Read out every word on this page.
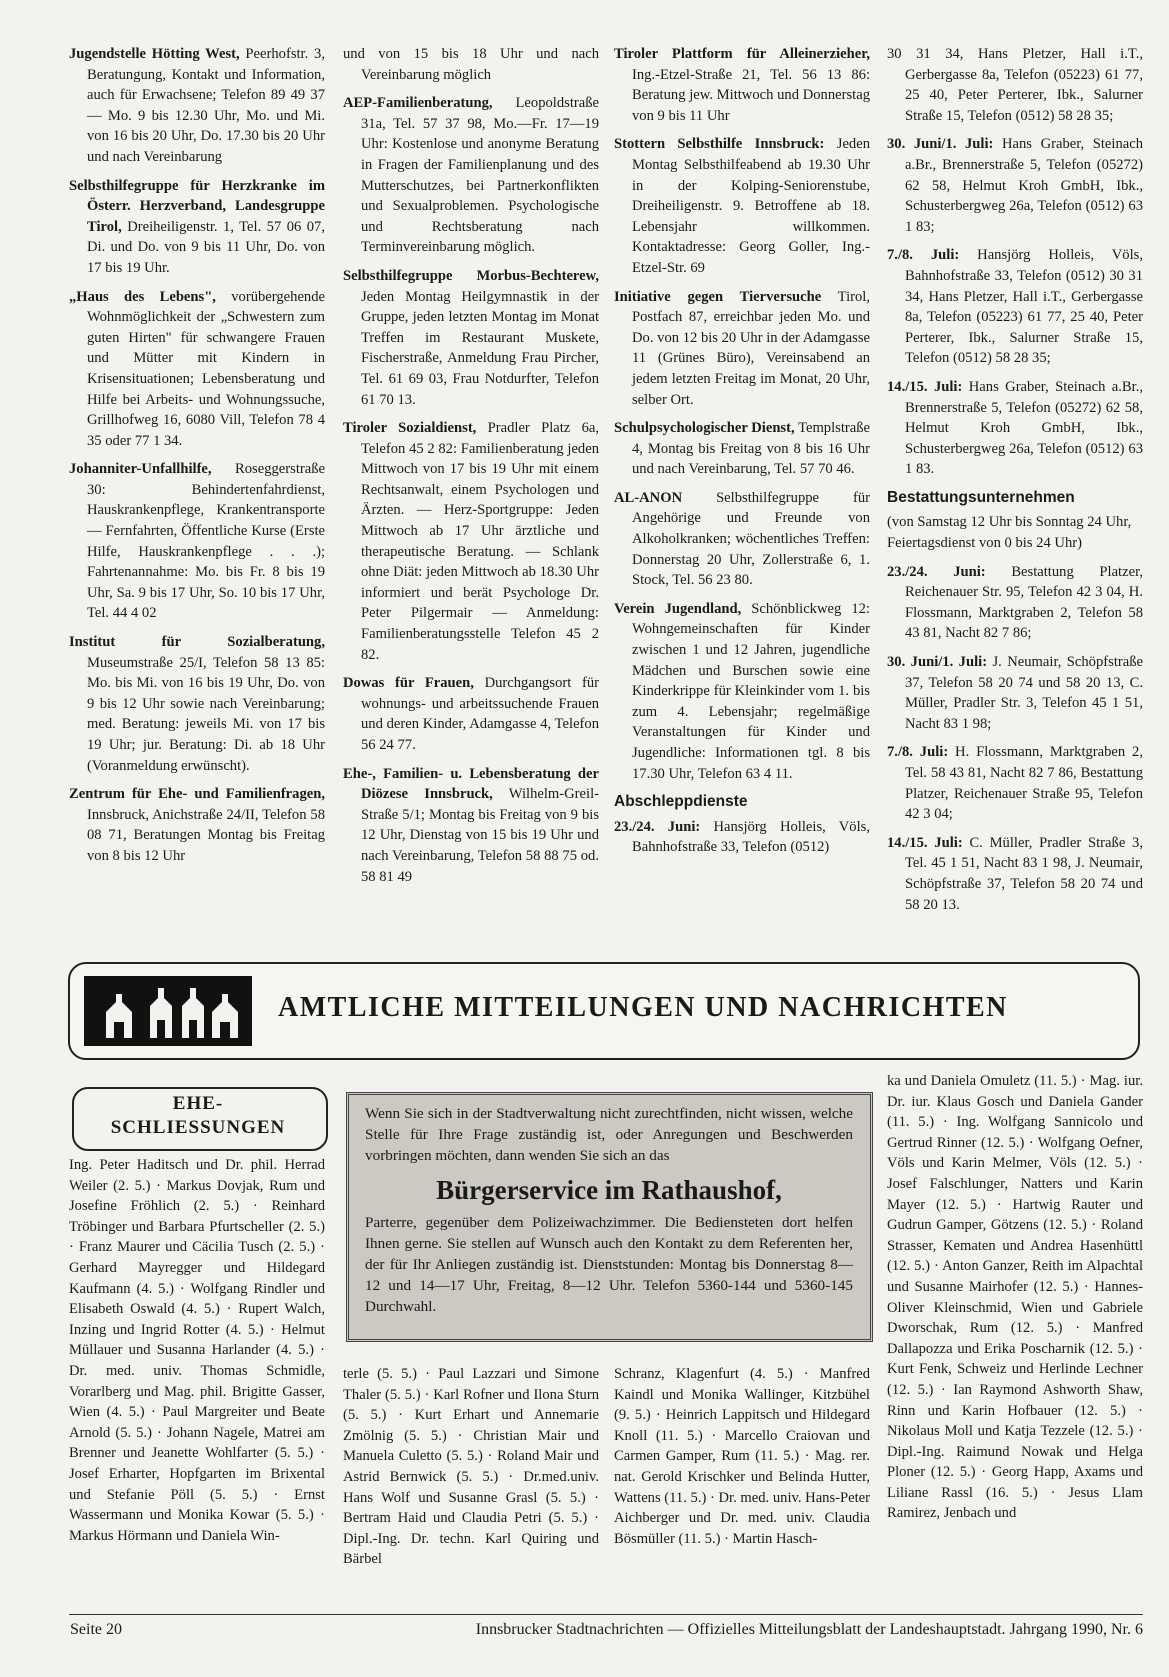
Jugendstelle Hötting West, Peerhofstr. 3, Beratungung, Kontakt und Information, auch für Erwachsene; Telefon 89 49 37 — Mo. 9 bis 12.30 Uhr, Mo. und Mi. von 16 bis 20 Uhr, Do. 17.30 bis 20 Uhr und nach Vereinbarung

Selbsthilfegruppe für Herzkranke im Österr. Herzverband, Landesgruppe Tirol, Dreiheiligenstr. 1, Tel. 57 06 07, Di. und Do. von 9 bis 11 Uhr, Do. von 17 bis 19 Uhr.

„Haus des Lebens", vorübergehende Wohnmöglichkeit der „Schwestern zum guten Hirten" für schwangere Frauen und Mütter mit Kindern in Krisensituationen; Lebensberatung und Hilfe bei Arbeits- und Wohnungssuche, Grillhofweg 16, 6080 Vill, Telefon 78 4 35 oder 77 1 34.

Johanniter-Unfallhilfe, Roseggerstraße 30: Behindertenfahrdienst, Hauskrankenpflege, Krankentransporte — Fernfahrten, Öffentliche Kurse (Erste Hilfe, Hauskrankenpflege . . .); Fahrtenannahme: Mo. bis Fr. 8 bis 19 Uhr, Sa. 9 bis 17 Uhr, So. 10 bis 17 Uhr, Tel. 44 4 02

Institut für Sozialberatung, Museumstraße 25/I, Telefon 58 13 85: Mo. bis Mi. von 16 bis 19 Uhr, Do. von 9 bis 12 Uhr sowie nach Vereinbarung; med. Beratung: jeweils Mi. von 17 bis 19 Uhr; jur. Beratung: Di. ab 18 Uhr (Voranmeldung erwünscht).

Zentrum für Ehe- und Familienfragen, Innsbruck, Anichstraße 24/II, Telefon 58 08 71, Beratungen Montag bis Freitag von 8 bis 12 Uhr

und von 15 bis 18 Uhr und nach Vereinbarung möglich

AEP-Familienberatung, Leopoldstraße 31a, Tel. 57 37 98, Mo.—Fr. 17—19 Uhr: Kostenlose und anonyme Beratung in Fragen der Familienplanung und des Mutterschutzes, bei Partnerkonflikten und Sexualproblemen. Psychologische und Rechtsberatung nach Terminvereinbarung möglich.

Selbsthilfegruppe Morbus-Bechterew, Jeden Montag Heilgymnastik in der Gruppe, jeden letzten Montag im Monat Treffen im Restaurant Muskete, Fischerstraße, Anmeldung Frau Pircher, Tel. 61 69 03, Frau Notdurfter, Telefon 61 70 13.

Tiroler Sozialdienst, Pradler Platz 6a, Telefon 45 2 82: Familienberatung jeden Mittwoch von 17 bis 19 Uhr mit einem Rechtsanwalt, einem Psychologen und Ärzten. — Herz-Sportgruppe: Jeden Mittwoch ab 17 Uhr ärztliche und therapeutische Beratung. — Schlank ohne Diät: jeden Mittwoch ab 18.30 Uhr informiert und berät Psychologe Dr. Peter Pilgermair — Anmeldung: Familienberatungsstelle Telefon 45 2 82.

Dowas für Frauen, Durchgangsort für wohnungs- und arbeitssuchende Frauen und deren Kinder, Adamgasse 4, Telefon 56 24 77.

Ehe-, Familien- u. Lebensberatung der Diözese Innsbruck, Wilhelm-Greil-Straße 5/1; Montag bis Freitag von 9 bis 12 Uhr, Dienstag von 15 bis 19 Uhr und nach Vereinbarung, Telefon 58 88 75 od. 58 81 49

Tiroler Plattform für Alleinerzieher, Ing.-Etzel-Straße 21, Tel. 56 13 86: Beratung jew. Mittwoch und Donnerstag von 9 bis 11 Uhr

Stottern Selbsthilfe Innsbruck: Jeden Montag Selbsthilfeabend ab 19.30 Uhr in der Kolping-Seniorenstube, Dreiheiligenstr. 9. Betroffene ab 18. Lebensjahr willkommen. Kontaktadresse: Georg Goller, Ing.-Etzel-Str. 69

Initiative gegen Tierversuche Tirol, Postfach 87, erreichbar jeden Mo. und Do. von 12 bis 20 Uhr in der Adamgasse 11 (Grünes Büro), Vereinsabend an jedem letzten Freitag im Monat, 20 Uhr, selber Ort.

Schulpsychologischer Dienst, Templstraße 4, Montag bis Freitag von 8 bis 16 Uhr und nach Vereinbarung, Tel. 57 70 46.

AL-ANON Selbsthilfegruppe für Angehörige und Freunde von Alkoholkranken; wöchentliches Treffen: Donnerstag 20 Uhr, Zollerstraße 6, 1. Stock, Tel. 56 23 80.

Verein Jugendland, Schönblickweg 12: Wohngemeinschaften für Kinder zwischen 1 und 12 Jahren, jugendliche Mädchen und Burschen sowie eine Kinderkrippe für Kleinkinder vom 1. bis zum 4. Lebensjahr; regelmäßige Veranstaltungen für Kinder und Jugendliche: Informationen tgl. 8 bis 17.30 Uhr, Telefon 63 4 11.

Abschleppdienste

23./24. Juni: Hansjörg Holleis, Völs, Bahnhofstraße 33, Telefon (0512)

30 31 34, Hans Pletzer, Hall i.T., Gerbergasse 8a, Telefon (05223) 61 77, 25 40, Peter Perterer, Ibk., Salurner Straße 15, Telefon (0512) 58 28 35;

30. Juni/1. Juli: Hans Graber, Steinach a.Br., Brennerstraße 5, Telefon (05272) 62 58, Helmut Kroh GmbH, Ibk., Schusterbergweg 26a, Telefon (0512) 63 1 83;

7./8. Juli: Hansjörg Holleis, Völs, Bahnhofstraße 33, Telefon (0512) 30 31 34, Hans Pletzer, Hall i.T., Gerbergasse 8a, Telefon (05223) 61 77, 25 40, Peter Perterer, Ibk., Salurner Straße 15, Telefon (0512) 58 28 35;

14./15. Juli: Hans Graber, Steinach a.Br., Brennerstraße 5, Telefon (05272) 62 58, Helmut Kroh GmbH, Ibk., Schusterbergweg 26a, Telefon (0512) 63 1 83.

Bestattungsunternehmen

(von Samstag 12 Uhr bis Sonntag 24 Uhr, Feiertagsdienst von 0 bis 24 Uhr)

23./24. Juni: Bestattung Platzer, Reichenauer Str. 95, Telefon 42 3 04, H. Flossmann, Marktgraben 2, Telefon 58 43 81, Nacht 82 7 86;

30. Juni/1. Juli: J. Neumair, Schöpfstraße 37, Telefon 58 20 74 und 58 20 13, C. Müller, Pradler Str. 3, Telefon 45 1 51, Nacht 83 1 98;

7./8. Juli: H. Flossmann, Marktgraben 2, Tel. 58 43 81, Nacht 82 7 86, Bestattung Platzer, Reichenauer Straße 95, Telefon 42 3 04;

14./15. Juli: C. Müller, Pradler Straße 3, Tel. 45 1 51, Nacht 83 1 98, J. Neumair, Schöpfstraße 37, Telefon 58 20 74 und 58 20 13.

AMTLICHE MITTEILUNGEN UND NACHRICHTEN
EHE-
SCHLIESSUNGEN
Wenn Sie sich in der Stadtverwaltung nicht zurechtfinden, nicht wissen, welche Stelle für Ihre Frage zuständig ist, oder Anregungen und Beschwerden vorbringen möchten, dann wenden Sie sich an das
Bürgerservice im Rathaushof,
Parterre, gegenüber dem Polizeiwachzimmer. Die Bediensteten dort helfen Ihnen gerne. Sie stellen auf Wunsch auch den Kontakt zu dem Referenten her, der für Ihr Anliegen zuständig ist. Dienststunden: Montag bis Donnerstag 8—12 und 14—17 Uhr, Freitag, 8—12 Uhr. Telefon 5360-144 und 5360-145 Durchwahl.
Ing. Peter Haditsch und Dr. phil. Herrad Weiler (2. 5.) · Markus Dovjak, Rum und Josefine Fröhlich (2. 5.) · Reinhard Tröbinger und Barbara Pfurtscheller (2. 5.) · Franz Maurer und Cäcilia Tusch (2. 5.) · Gerhard Mayregger und Hildegard Kaufmann (4. 5.) · Wolfgang Rindler und Elisabeth Oswald (4. 5.) · Rupert Walch, Inzing und Ingrid Rotter (4. 5.) · Helmut Müllauer und Susanna Harlander (4. 5.) · Dr. med. univ. Thomas Schmidle, Vorarlberg und Mag. phil. Brigitte Gasser, Wien (4. 5.) · Paul Margreiter und Beate Arnold (5. 5.) · Johann Nagele, Matrei am Brenner und Jeanette Wohlfarter (5. 5.) · Josef Erharter, Hopfgarten im Brixental und Stefanie Pöll (5. 5.) · Ernst Wassermann und Monika Kowar (5. 5.) · Markus Hörmann und Daniela Win-
terle (5. 5.) · Paul Lazzari und Simone Thaler (5. 5.) · Karl Rofner und Ilona Sturn (5. 5.) · Kurt Erhart und Annemarie Zmölnig (5. 5.) · Christian Mair und Manuela Culetto (5. 5.) · Roland Mair und Astrid Bernwick (5. 5.) · Dr.med.univ. Hans Wolf und Susanne Grasl (5. 5.) · Bertram Haid und Claudia Petri (5. 5.) · Dipl.-Ing. Dr. techn. Karl Quiring und Bärbel
Schranz, Klagenfurt (4. 5.) · Manfred Kaindl und Monika Wallinger, Kitzbühel (9. 5.) · Heinrich Lappitsch und Hildegard Knoll (11. 5.) · Marcello Craiovan und Carmen Gamper, Rum (11. 5.) · Mag. rer. nat. Gerold Krischker und Belinda Hutter, Wattens (11. 5.) · Dr. med. univ. Hans-Peter Aichberger und Dr. med. univ. Claudia Bösmüller (11. 5.) · Martin Hasch-
ka und Daniela Omuletz (11. 5.) · Mag. iur. Dr. iur. Klaus Gosch und Daniela Gander (11. 5.) · Ing. Wolfgang Sannicolo und Gertrud Rinner (12. 5.) · Wolfgang Oefner, Völs und Karin Melmer, Völs (12. 5.) · Josef Falschlunger, Natters und Karin Mayer (12. 5.) · Hartwig Rauter und Gudrun Gamper, Götzens (12. 5.) · Roland Strasser, Kematen und Andrea Hasenhüttl (12. 5.) · Anton Ganzer, Reith im Alpachtal und Susanne Mairhofer (12. 5.) · Hannes-Oliver Kleinschmid, Wien und Gabriele Dworschak, Rum (12. 5.) · Manfred Dallapozza und Erika Poscharnik (12. 5.) · Kurt Fenk, Schweiz und Herlinde Lechner (12. 5.) · Ian Raymond Ashworth Shaw, Rinn und Karin Hofbauer (12. 5.) · Nikolaus Moll und Katja Tezzele (12. 5.) · Dipl.-Ing. Raimund Nowak und Helga Ploner (12. 5.) · Georg Happ, Axams und Liliane Rassl (16. 5.) · Jesus Llam Ramirez, Jenbach und
Seite 20	Innsbrucker Stadtnachrichten — Offizielles Mitteilungsblatt der Landeshauptstadt. Jahrgang 1990, Nr. 6
